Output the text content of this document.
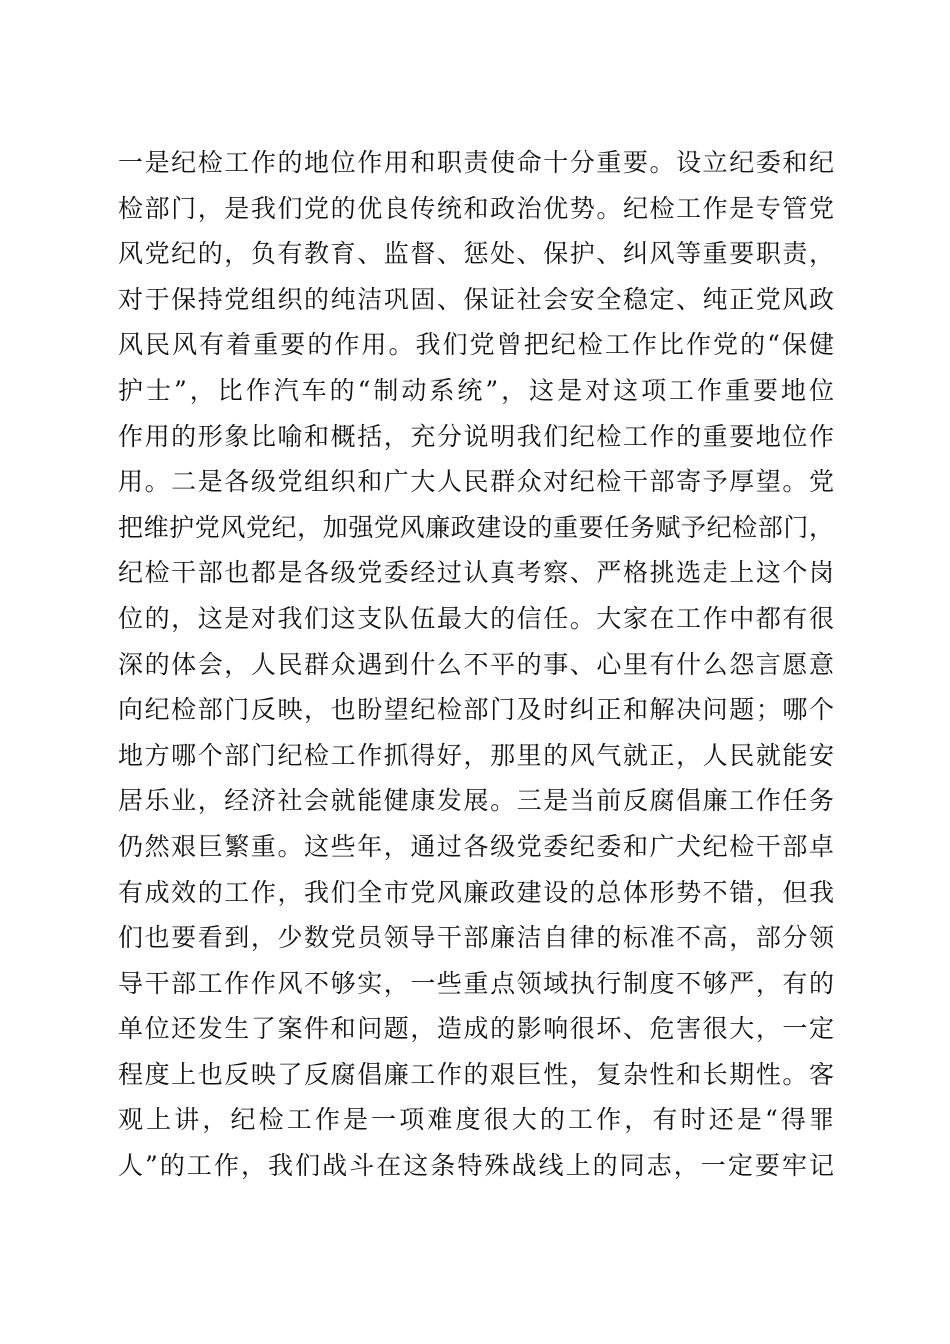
一是纪检工作的地位作用和职责使命十分重要。设立纪委和纪
检部门，是我们党的优良传统和政治优势。纪检工作是专管党
风党纪的，负有教育、监督、惩处、保护、纠风等重要职责，
对于保持党组织的纯洁巩固、保证社会安全稳定、纯正党风政
风民风有着重要的作用。我们党曾把纪检工作比作党的“保健
护士”，比作汽车的“制动系统”，这是对这项工作重要地位
作用的形象比喻和概括，充分说明我们纪检工作的重要地位作
用。二是各级党组织和广大人民群众对纪检干部寄予厚望。党
把维护党风党纪，加强党风廉政建设的重要任务赋予纪检部门，
纪检干部也都是各级党委经过认真考察、严格挑选走上这个岗
位的，这是对我们这支队伍最大的信任。大家在工作中都有很
深的体会，人民群众遇到什么不平的事、心里有什么怨言愿意
向纪检部门反映，也盼望纪检部门及时纠正和解决问题；哪个
地方哪个部门纪检工作抓得好，那里的风气就正，人民就能安
居乐业，经济社会就能健康发展。三是当前反腐倡廉工作任务
仍然艰巨繁重。这些年，通过各级党委纪委和广犬纪检干部卓
有成效的工作，我们全市党风廉政建设的总体形势不错，但我
们也要看到，少数党员领导干部廉洁自律的标准不高，部分领
导干部工作作风不够实，一些重点领域执行制度不够严，有的
单位还发生了案件和问题，造成的影响很坏、危害很大，一定
程度上也反映了反腐倡廉工作的艰巨性，复杂性和长期性。客
观上讲，纪检工作是一项难度很大的工作，有时还是“得罪
人”的工作，我们战斗在这条特殊战线上的同志，一定要牢记
